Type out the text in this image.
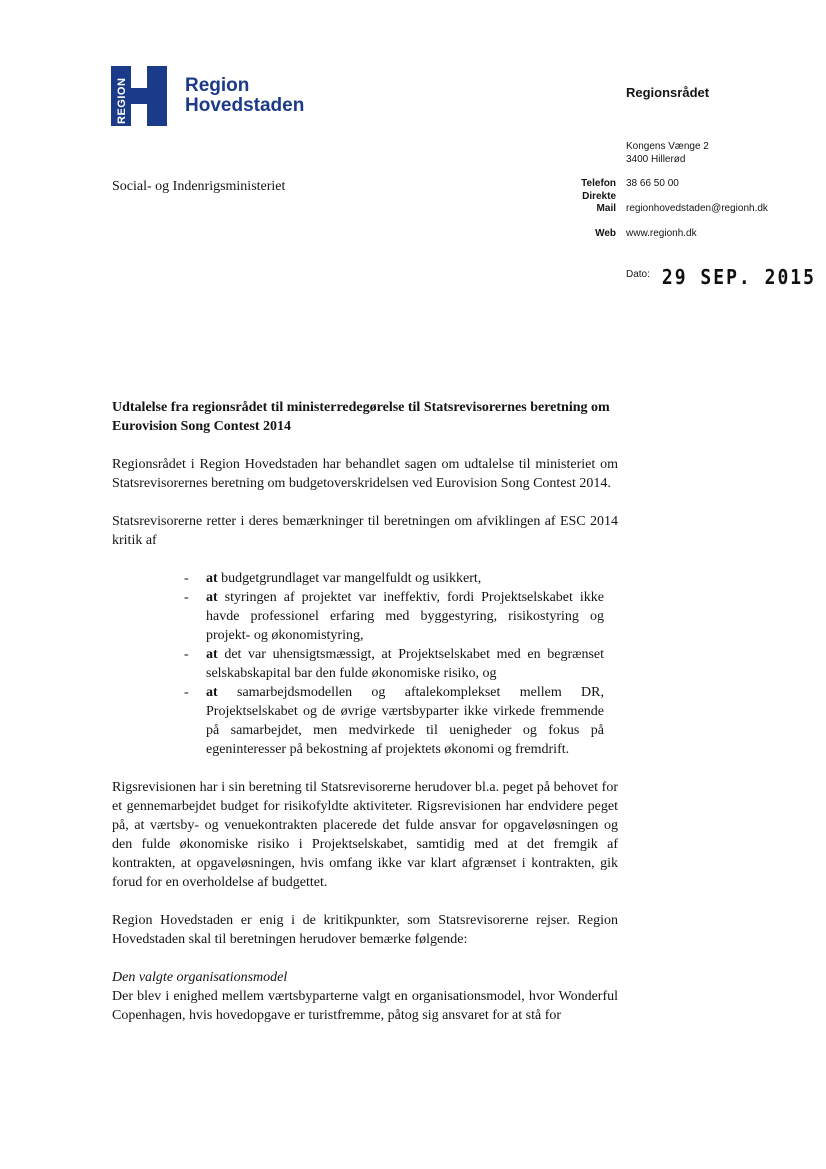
REGION	Region
Hovedstaden
Regionsrådet
Kongens Vænge 2
3400 Hillerød
Telefon
Direkte
Mail
Web
38 66 50 00

regionhovedstaden@regionh.dk
www.regionh.dk
$^{Dato:}$ 29 SEP. 2015
Social- og Indenrigsministeriet

Udtalelse fra regionsrådet til ministerredegørelse til Statsrevisorernes beretning om Eurovision Song Contest 2014

Regionsrådet i Region Hovedstaden har behandlet sagen om udtalelse til ministeriet om Statsrevisorernes beretning om budgetoverskridelsen ved Eurovision Song Contest 2014.

Statsrevisorerne retter i deres bemærkninger til beretningen om afviklingen af ESC 2014 kritik af

- at budgetgrundlaget var mangelfuldt og usikkert,
- at styringen af projektet var ineffektiv, fordi Projektselskabet ikke havde professionel erfaring med byggestyring, risikostyring og projekt- og økonomistyring,
- at det var uhensigtsmæssigt, at Projektselskabet med en begrænset selskabskapital bar den fulde økonomiske risiko, og
- at samarbejdsmodellen og aftalekomplekset mellem DR, Projektselskabet og de øvrige værtsbyparter ikke virkede fremmende på samarbejdet, men medvirkede til uenigheder og fokus på egeninteresser på bekostning af projektets økonomi og fremdrift.

Rigsrevisionen har i sin beretning til Statsrevisorerne herudover bl.a. peget på behovet for et gennemarbejdet budget for risikofyldte aktiviteter. Rigsrevisionen har endvidere peget på, at værtsby- og venuekontrakten placerede det fulde ansvar for opgaveløsningen og den fulde økonomiske risiko i Projektselskabet, samtidig med at det fremgik af kontrakten, at opgaveløsningen, hvis omfang ikke var klart afgrænset i kontrakten, gik forud for en overholdelse af budgettet.

Region Hovedstaden er enig i de kritikpunkter, som Statsrevisorerne rejser. Region Hovedstaden skal til beretningen herudover bemærke følgende:

Den valgte organisationsmodel

Der blev i enighed mellem værtsbyparterne valgt en organisationsmodel, hvor Wonderful Copenhagen, hvis hovedopgave er turistfremme, påtog sig ansvaret for at stå for
